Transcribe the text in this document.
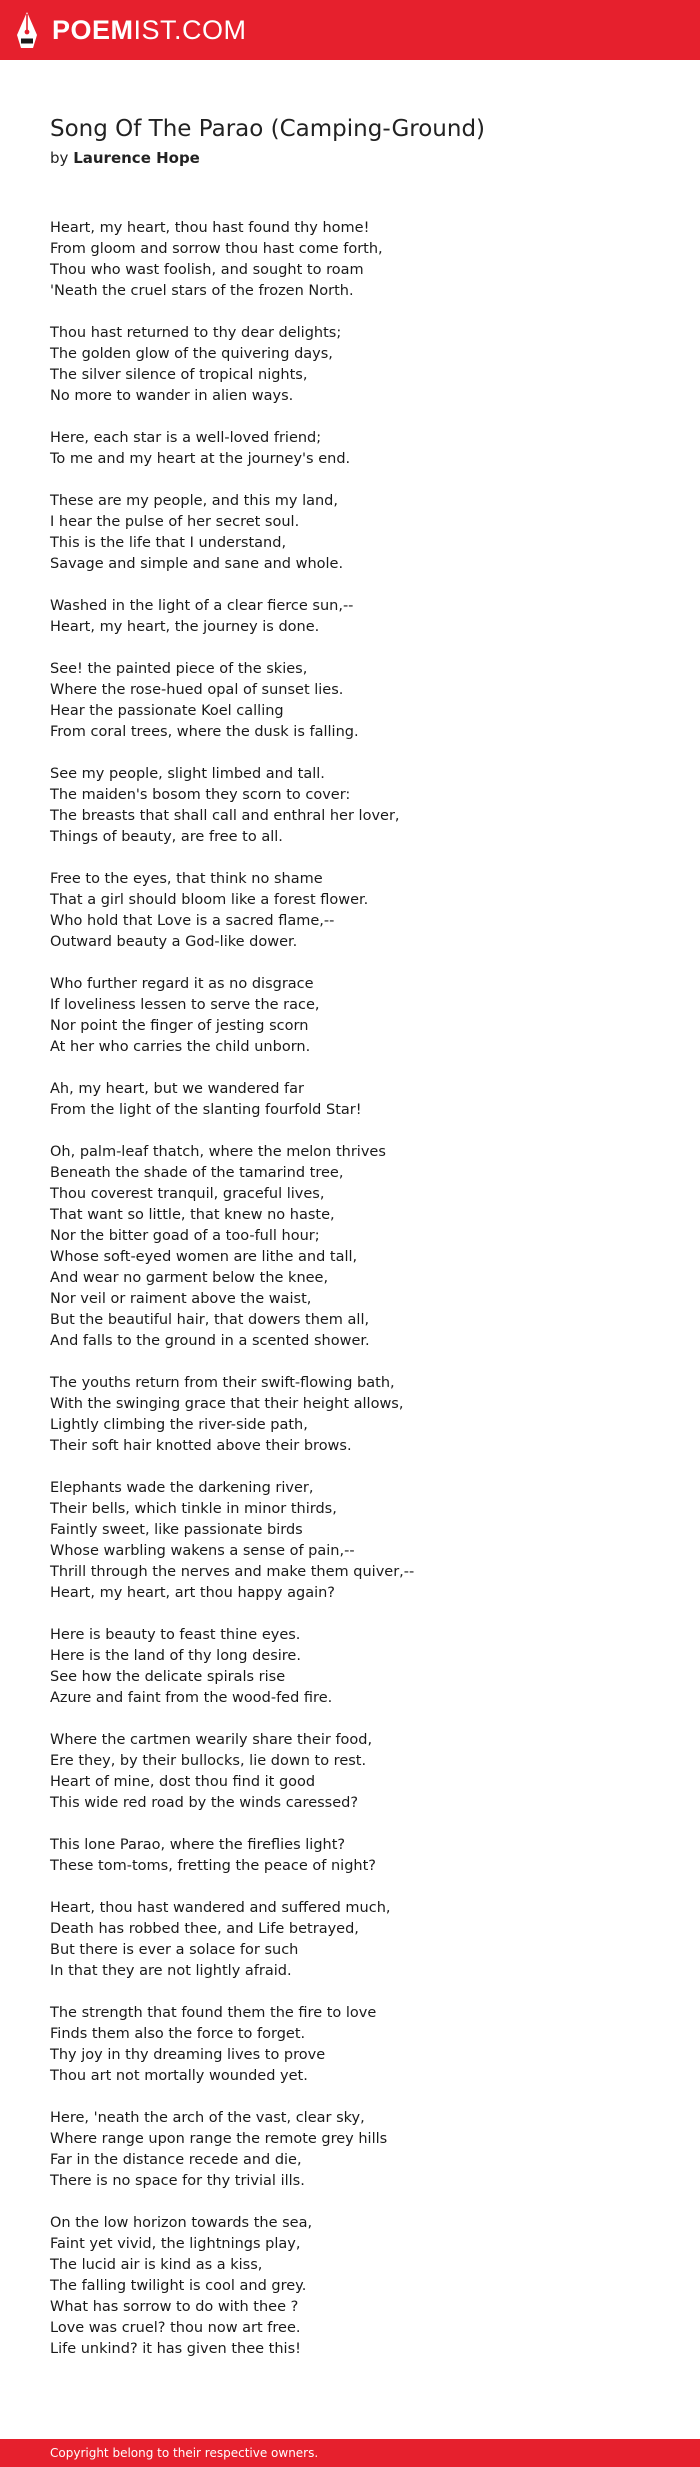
POEMIST.COM
Song Of The Parao (Camping-Ground)
by Laurence Hope
Heart, my heart, thou hast found thy home!
From gloom and sorrow thou hast come forth,
Thou who wast foolish, and sought to roam
'Neath the cruel stars of the frozen North.
Thou hast returned to thy dear delights;
The golden glow of the quivering days,
The silver silence of tropical nights,
No more to wander in alien ways.
Here, each star is a well-loved friend;
To me and my heart at the journey's end.
These are my people, and this my land,
I hear the pulse of her secret soul.
This is the life that I understand,
Savage and simple and sane and whole.
Washed in the light of a clear fierce sun,--
Heart, my heart, the journey is done.
See! the painted piece of the skies,
Where the rose-hued opal of sunset lies.
Hear the passionate Koel calling
From coral trees, where the dusk is falling.
See my people, slight limbed and tall.
The maiden's bosom they scorn to cover:
The breasts that shall call and enthral her lover,
Things of beauty, are free to all.
Free to the eyes, that think no shame
That a girl should bloom like a forest flower.
Who hold that Love is a sacred flame,--
Outward beauty a God-like dower.
Who further regard it as no disgrace
If loveliness lessen to serve the race,
Nor point the finger of jesting scorn
At her who carries the child unborn.
Ah, my heart, but we wandered far
From the light of the slanting fourfold Star!
Oh, palm-leaf thatch, where the melon thrives
Beneath the shade of the tamarind tree,
Thou coverest tranquil, graceful lives,
That want so little, that knew no haste,
Nor the bitter goad of a too-full hour;
Whose soft-eyed women are lithe and tall,
And wear no garment below the knee,
Nor veil or raiment above the waist,
But the beautiful hair, that dowers them all,
And falls to the ground in a scented shower.
The youths return from their swift-flowing bath,
With the swinging grace that their height allows,
Lightly climbing the river-side path,
Their soft hair knotted above their brows.
Elephants wade the darkening river,
Their bells, which tinkle in minor thirds,
Faintly sweet, like passionate birds
Whose warbling wakens a sense of pain,--
Thrill through the nerves and make them quiver,--
Heart, my heart, art thou happy again?
Here is beauty to feast thine eyes.
Here is the land of thy long desire.
See how the delicate spirals rise
Azure and faint from the wood-fed fire.
Where the cartmen wearily share their food,
Ere they, by their bullocks, lie down to rest.
Heart of mine, dost thou find it good
This wide red road by the winds caressed?
This lone Parao, where the fireflies light?
These tom-toms, fretting the peace of night?
Heart, thou hast wandered and suffered much,
Death has robbed thee, and Life betrayed,
But there is ever a solace for such
In that they are not lightly afraid.
The strength that found them the fire to love
Finds them also the force to forget.
Thy joy in thy dreaming lives to prove
Thou art not mortally wounded yet.
Here, 'neath the arch of the vast, clear sky,
Where range upon range the remote grey hills
Far in the distance recede and die,
There is no space for thy trivial ills.
On the low horizon towards the sea,
Faint yet vivid, the lightnings play,
The lucid air is kind as a kiss,
The falling twilight is cool and grey.
What has sorrow to do with thee ?
Love was cruel? thou now art free.
Life unkind? it has given thee this!
Copyright belong to their respective owners.
